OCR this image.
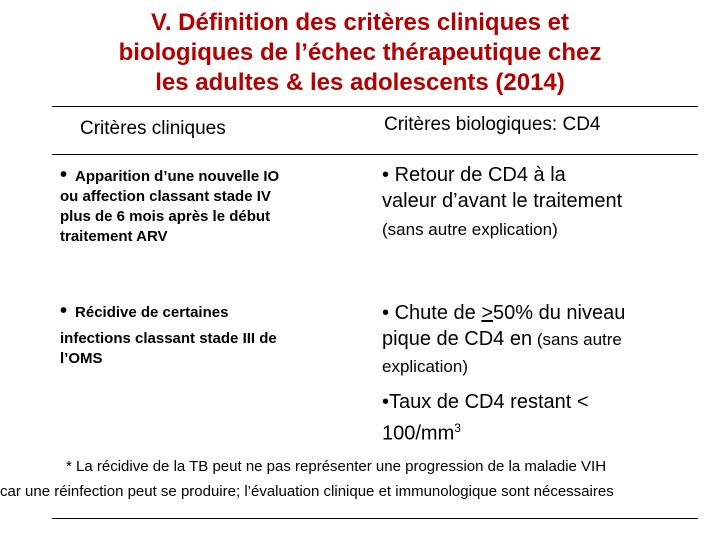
V. Définition des critères cliniques et
biologiques de l’échec thérapeutique chez
les adultes & les adolescents (2014)
Critères cliniques	Critères biologiques: CD4
• Apparition d’une nouvelle IO
ou affection classant stade IV
plus de 6 mois après le début
traitement ARV
• Récidive de certaines
infections classant stade III de
l’OMS
• Retour de CD4 à la
valeur d’avant le traitement
(sans autre explication)
• Chute de >50% du niveau
pique de CD4 en (sans autre
explication)
•Taux de CD4 restant <
$100/mm^3$
* La récidive de la TB peut ne pas représenter une progression de la maladie VIH
car une réinfection peut se produire; l’évaluation clinique et immunologique sont nécessaires
